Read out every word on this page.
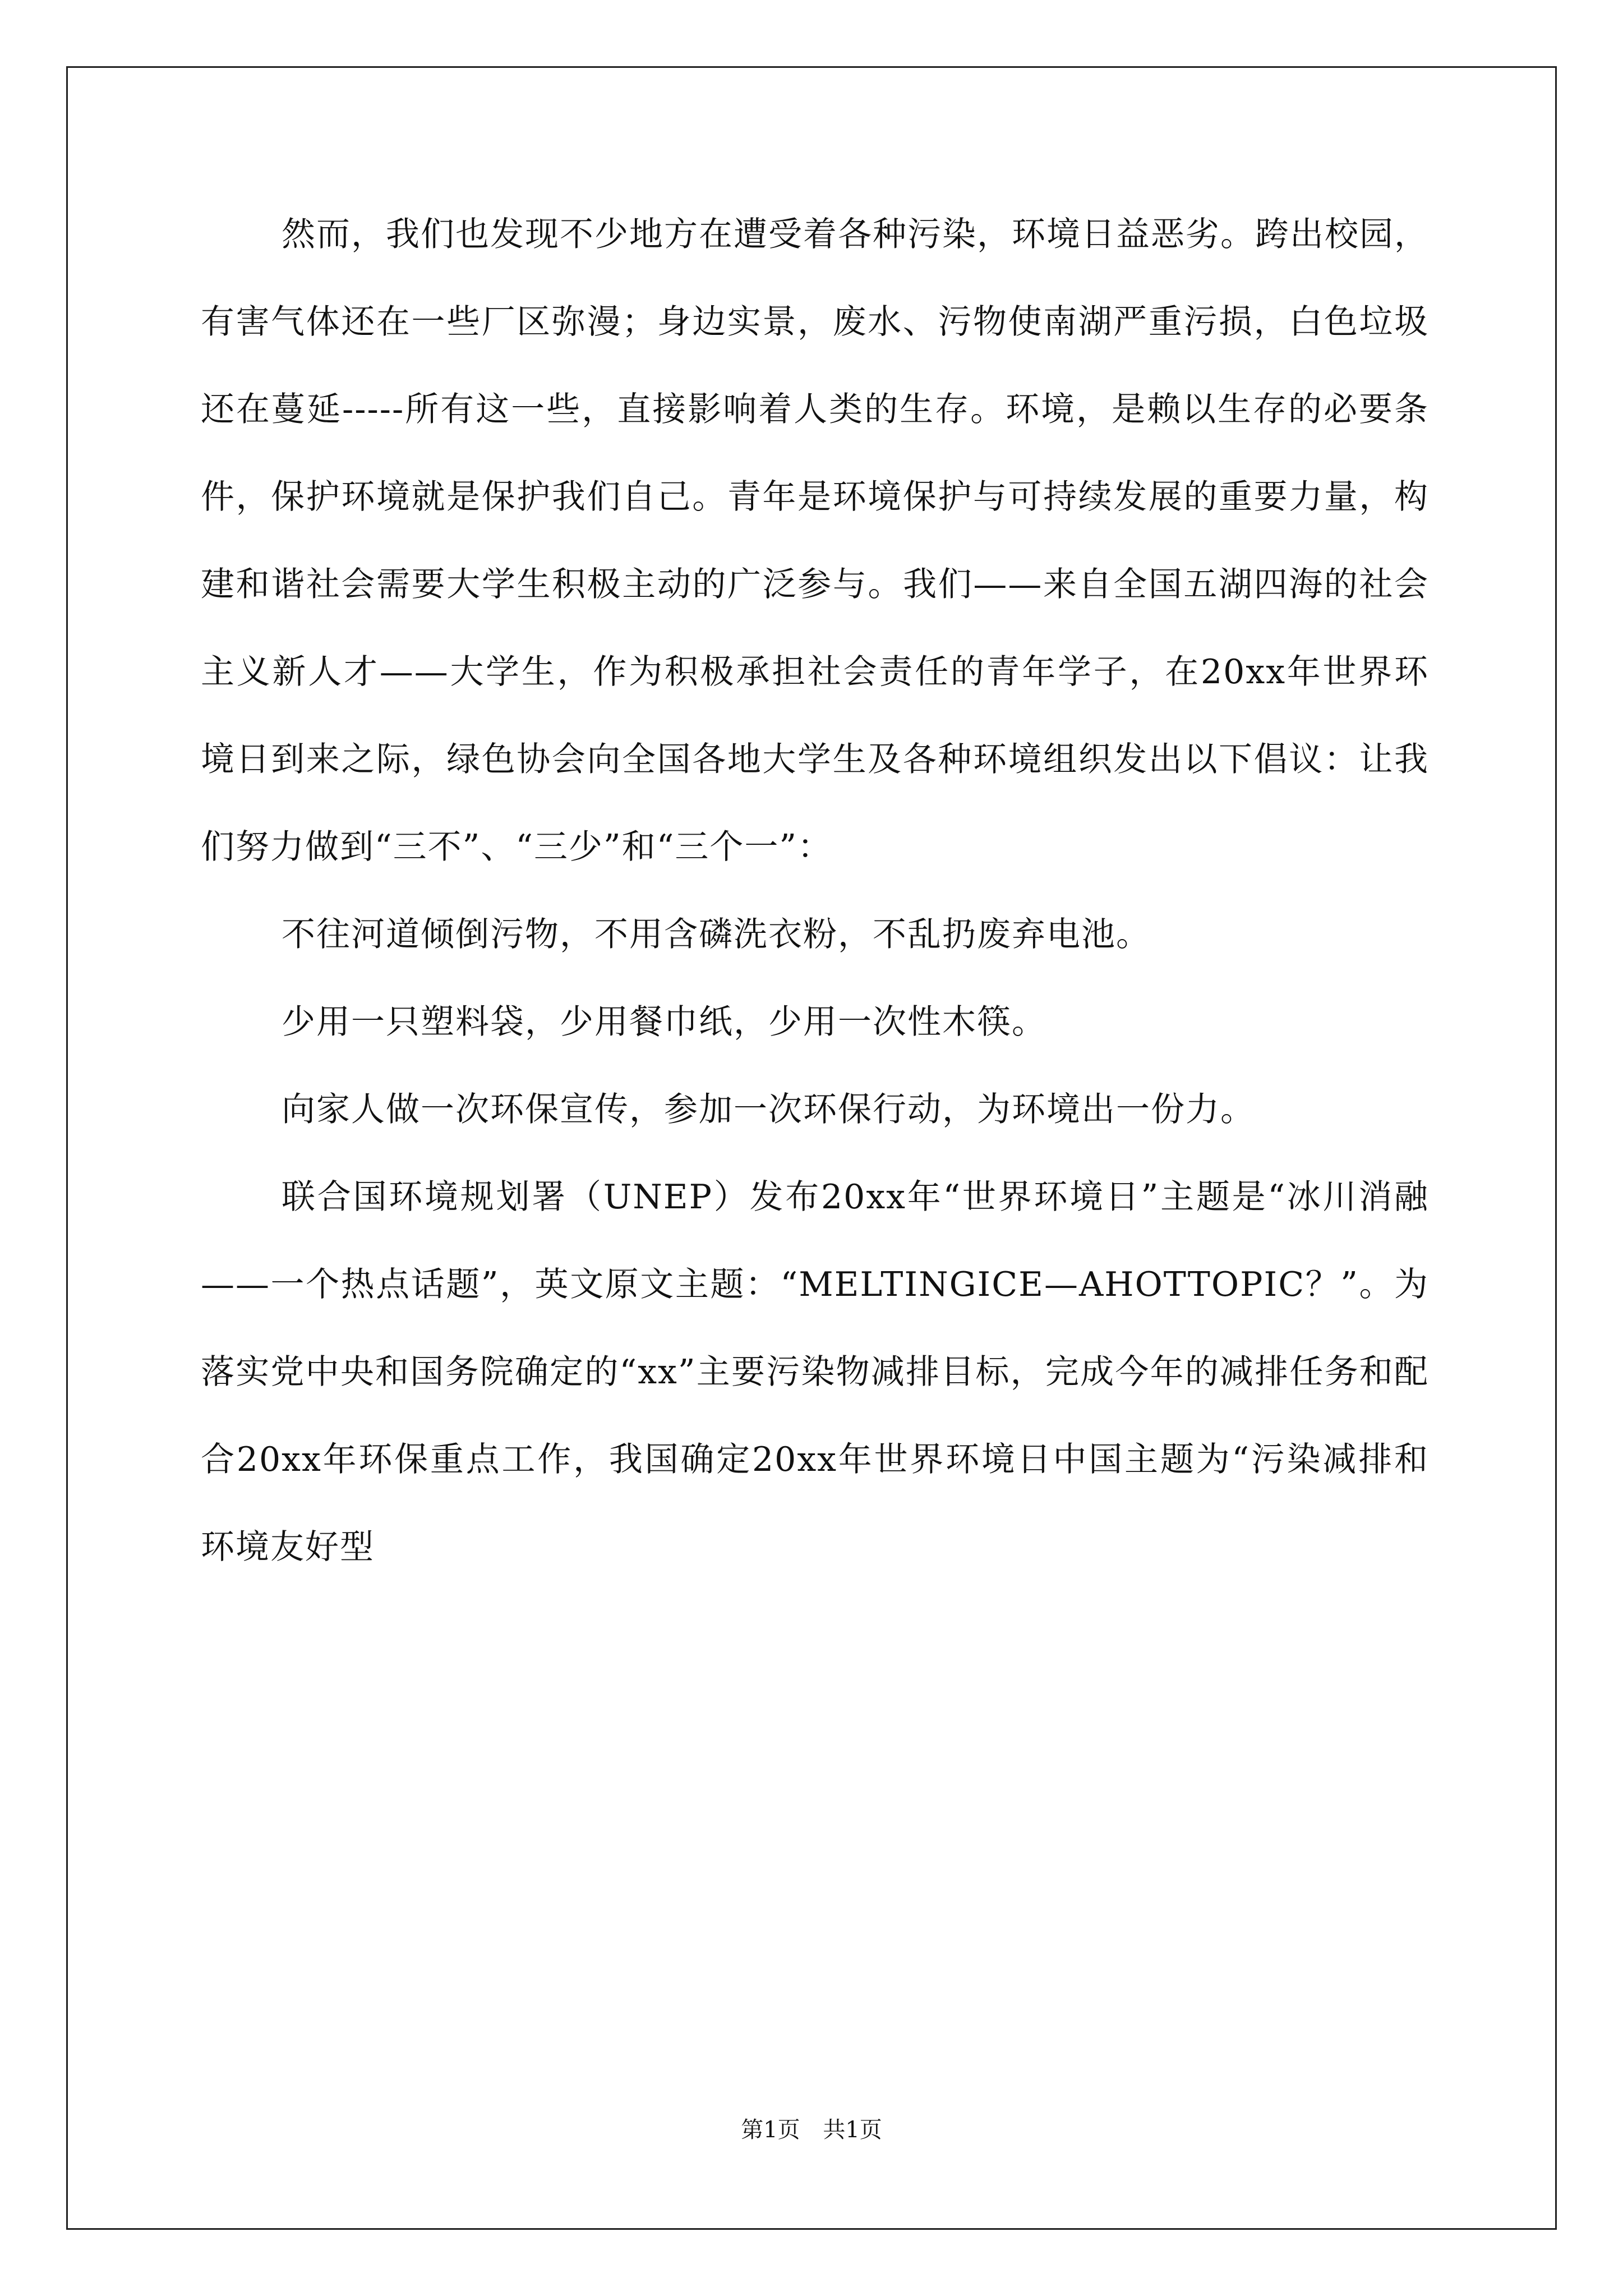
然而，我们也发现不少地方在遭受着各种污染，环境日益恶劣。跨出校园，有害气体还在一些厂区弥漫；身边实景，废水、污物使南湖严重污损，白色垃圾还在蔓延-----所有这一些，直接影响着人类的生存。环境，是赖以生存的必要条件，保护环境就是保护我们自己。青年是环境保护与可持续发展的重要力量，构建和谐社会需要大学生积极主动的广泛参与。我们——来自全国五湖四海的社会主义新人才——大学生，作为积极承担社会责任的青年学子，在20xx年世界环境日到来之际，绿色协会向全国各地大学生及各种环境组织发出以下倡议：让我们努力做到“三不”、“三少”和“三个一”：

不往河道倾倒污物，不用含磷洗衣粉，不乱扔废弃电池。

少用一只塑料袋，少用餐巾纸，少用一次性木筷。

向家人做一次环保宣传，参加一次环保行动，为环境出一份力。

联合国环境规划署（UNEP）发布20xx年“世界环境日”主题是“冰川消融——一个热点话题”，英文原文主题：“MELTINGICE—AHOTTOPIC？”。为落实党中央和国务院确定的“xx”主要污染物减排目标，完成今年的减排任务和配合20xx年环保重点工作，我国确定20xx年世界环境日中国主题为“污染减排和环境友好型

第1页 共1页
